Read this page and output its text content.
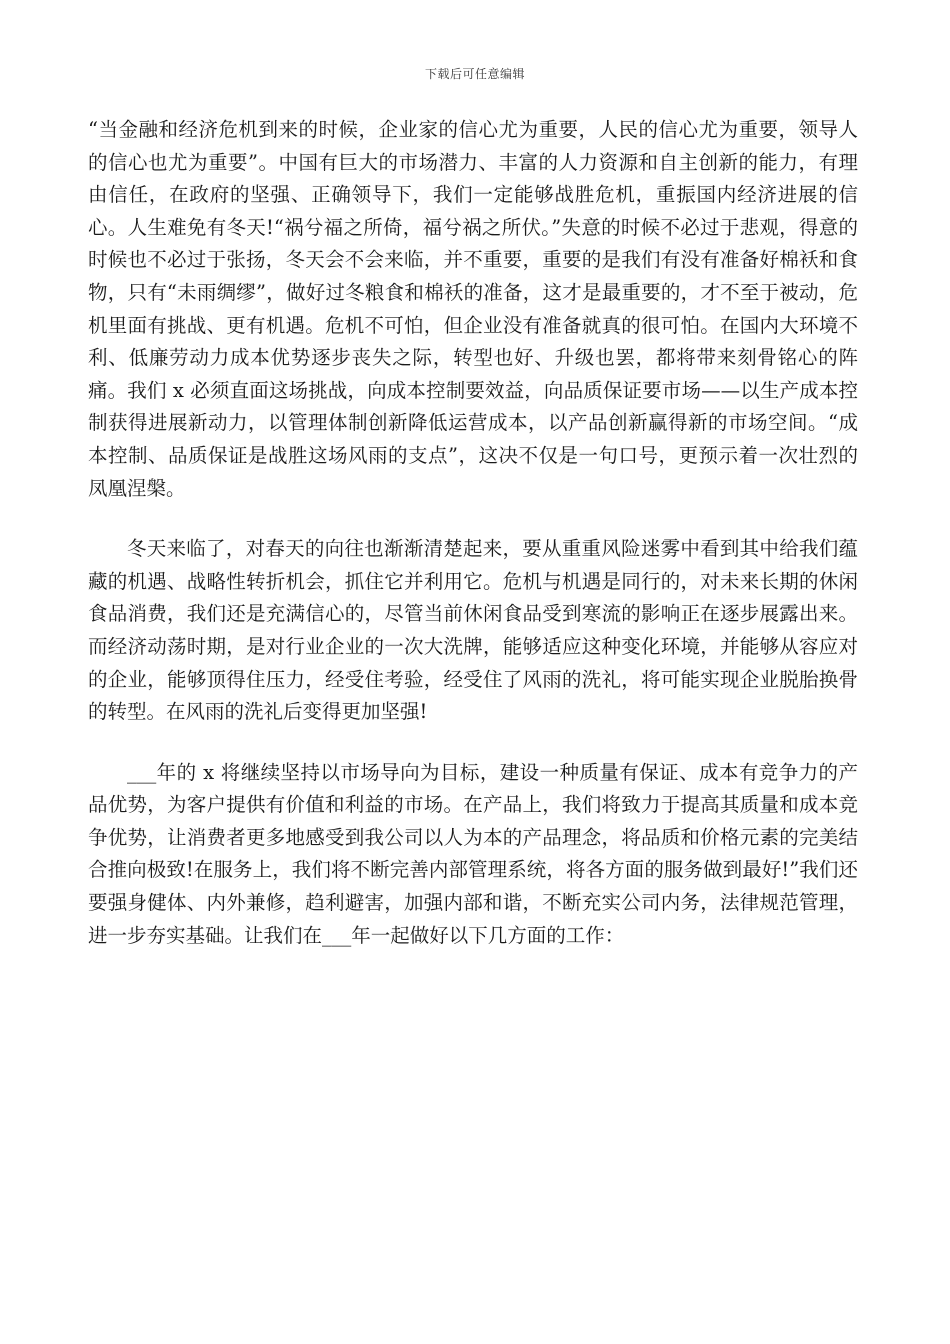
下载后可任意编辑

“当金融和经济危机到来的时候，企业家的信心尤为重要，人民的信心尤为重要，领导人的信心也尤为重要”。中国有巨大的市场潜力、丰富的人力资源和自主创新的能力，有理由信任，在政府的坚强、正确领导下，我们一定能够战胜危机，重振国内经济进展的信心。人生难免有冬天!“祸兮福之所倚，福兮祸之所伏。”失意的时候不必过于悲观，得意的时候也不必过于张扬，冬天会不会来临，并不重要，重要的是我们有没有准备好棉袄和食物，只有“未雨绸缪”，做好过冬粮食和棉袄的准备，这才是最重要的，才不至于被动，危机里面有挑战、更有机遇。危机不可怕，但企业没有准备就真的很可怕。在国内大环境不利、低廉劳动力成本优势逐步丧失之际，转型也好、升级也罢，都将带来刻骨铭心的阵痛。我们 x 必须直面这场挑战，向成本控制要效益，向品质保证要市场——以生产成本控制获得进展新动力，以管理体制创新降低运营成本，以产品创新赢得新的市场空间。“成本控制、品质保证是战胜这场风雨的支点”，这决不仅是一句口号，更预示着一次壮烈的凤凰涅槃。

冬天来临了，对春天的向往也渐渐清楚起来，要从重重风险迷雾中看到其中给我们蕴藏的机遇、战略性转折机会，抓住它并利用它。危机与机遇是同行的，对未来长期的休闲食品消费，我们还是充满信心的，尽管当前休闲食品受到寒流的影响正在逐步展露出来。而经济动荡时期，是对行业企业的一次大洗牌，能够适应这种变化环境，并能够从容应对的企业，能够顶得住压力，经受住考验，经受住了风雨的洗礼，将可能实现企业脱胎换骨的转型。在风雨的洗礼后变得更加坚强!

___年的 x 将继续坚持以市场导向为目标，建设一种质量有保证、成本有竞争力的产品优势，为客户提供有价值和利益的市场。在产品上，我们将致力于提高其质量和成本竞争优势，让消费者更多地感受到我公司以人为本的产品理念，将品质和价格元素的完美结合推向极致!在服务上，我们将不断完善内部管理系统，将各方面的服务做到最好!”我们还要强身健体、内外兼修，趋利避害，加强内部和谐，不断充实公司内务，法律规范管理，进一步夯实基础。让我们在___年一起做好以下几方面的工作：
